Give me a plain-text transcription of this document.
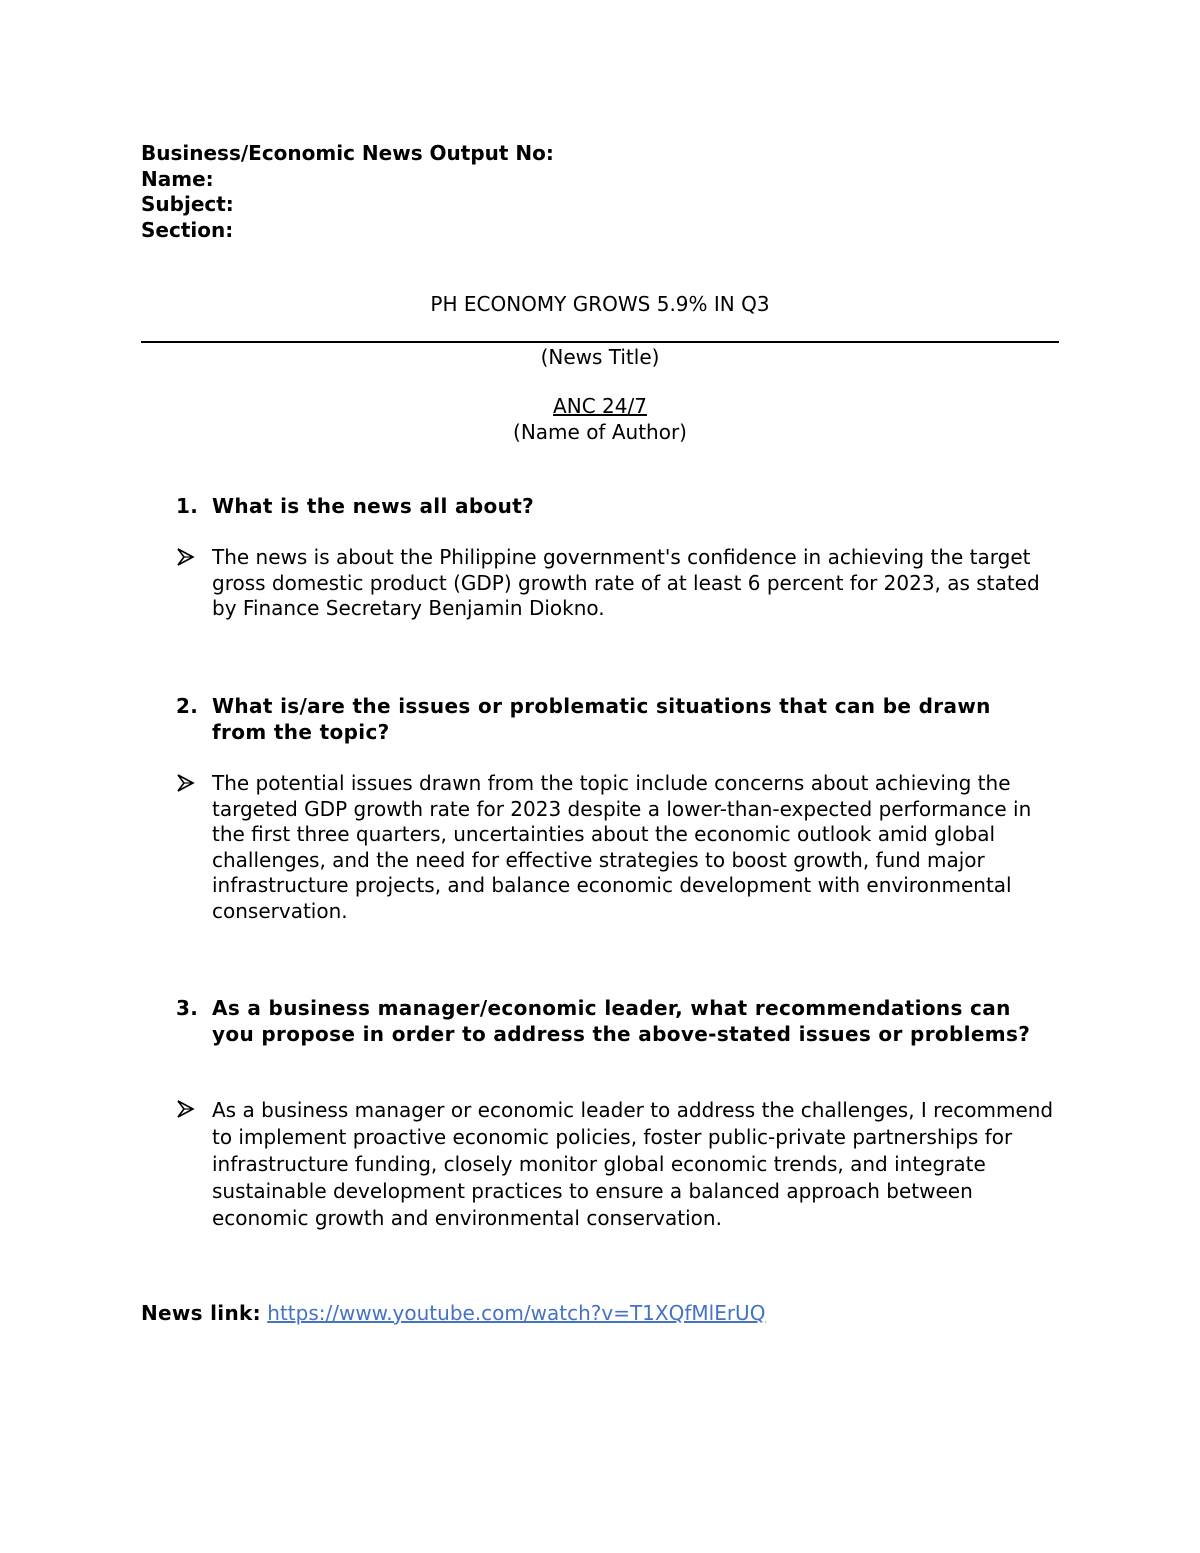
Business/Economic News Output No:
Name:
Subject:
Section:
PH ECONOMY GROWS 5.9% IN Q3
(News Title)
ANC 24/7
(Name of Author)
1. What is the news all about?
The news is about the Philippine government's confidence in achieving the target gross domestic product (GDP) growth rate of at least 6 percent for 2023, as stated by Finance Secretary Benjamin Diokno.
2. What is/are the issues or problematic situations that can be drawn from the topic?
The potential issues drawn from the topic include concerns about achieving the targeted GDP growth rate for 2023 despite a lower-than-expected performance in the first three quarters, uncertainties about the economic outlook amid global challenges, and the need for effective strategies to boost growth, fund major infrastructure projects, and balance economic development with environmental conservation.
3. As a business manager/economic leader, what recommendations can you propose in order to address the above-stated issues or problems?
As a business manager or economic leader to address the challenges, I recommend to implement proactive economic policies, foster public-private partnerships for infrastructure funding, closely monitor global economic trends, and integrate sustainable development practices to ensure a balanced approach between economic growth and environmental conservation.
News link: https://www.youtube.com/watch?v=T1XQfMlErUQ
